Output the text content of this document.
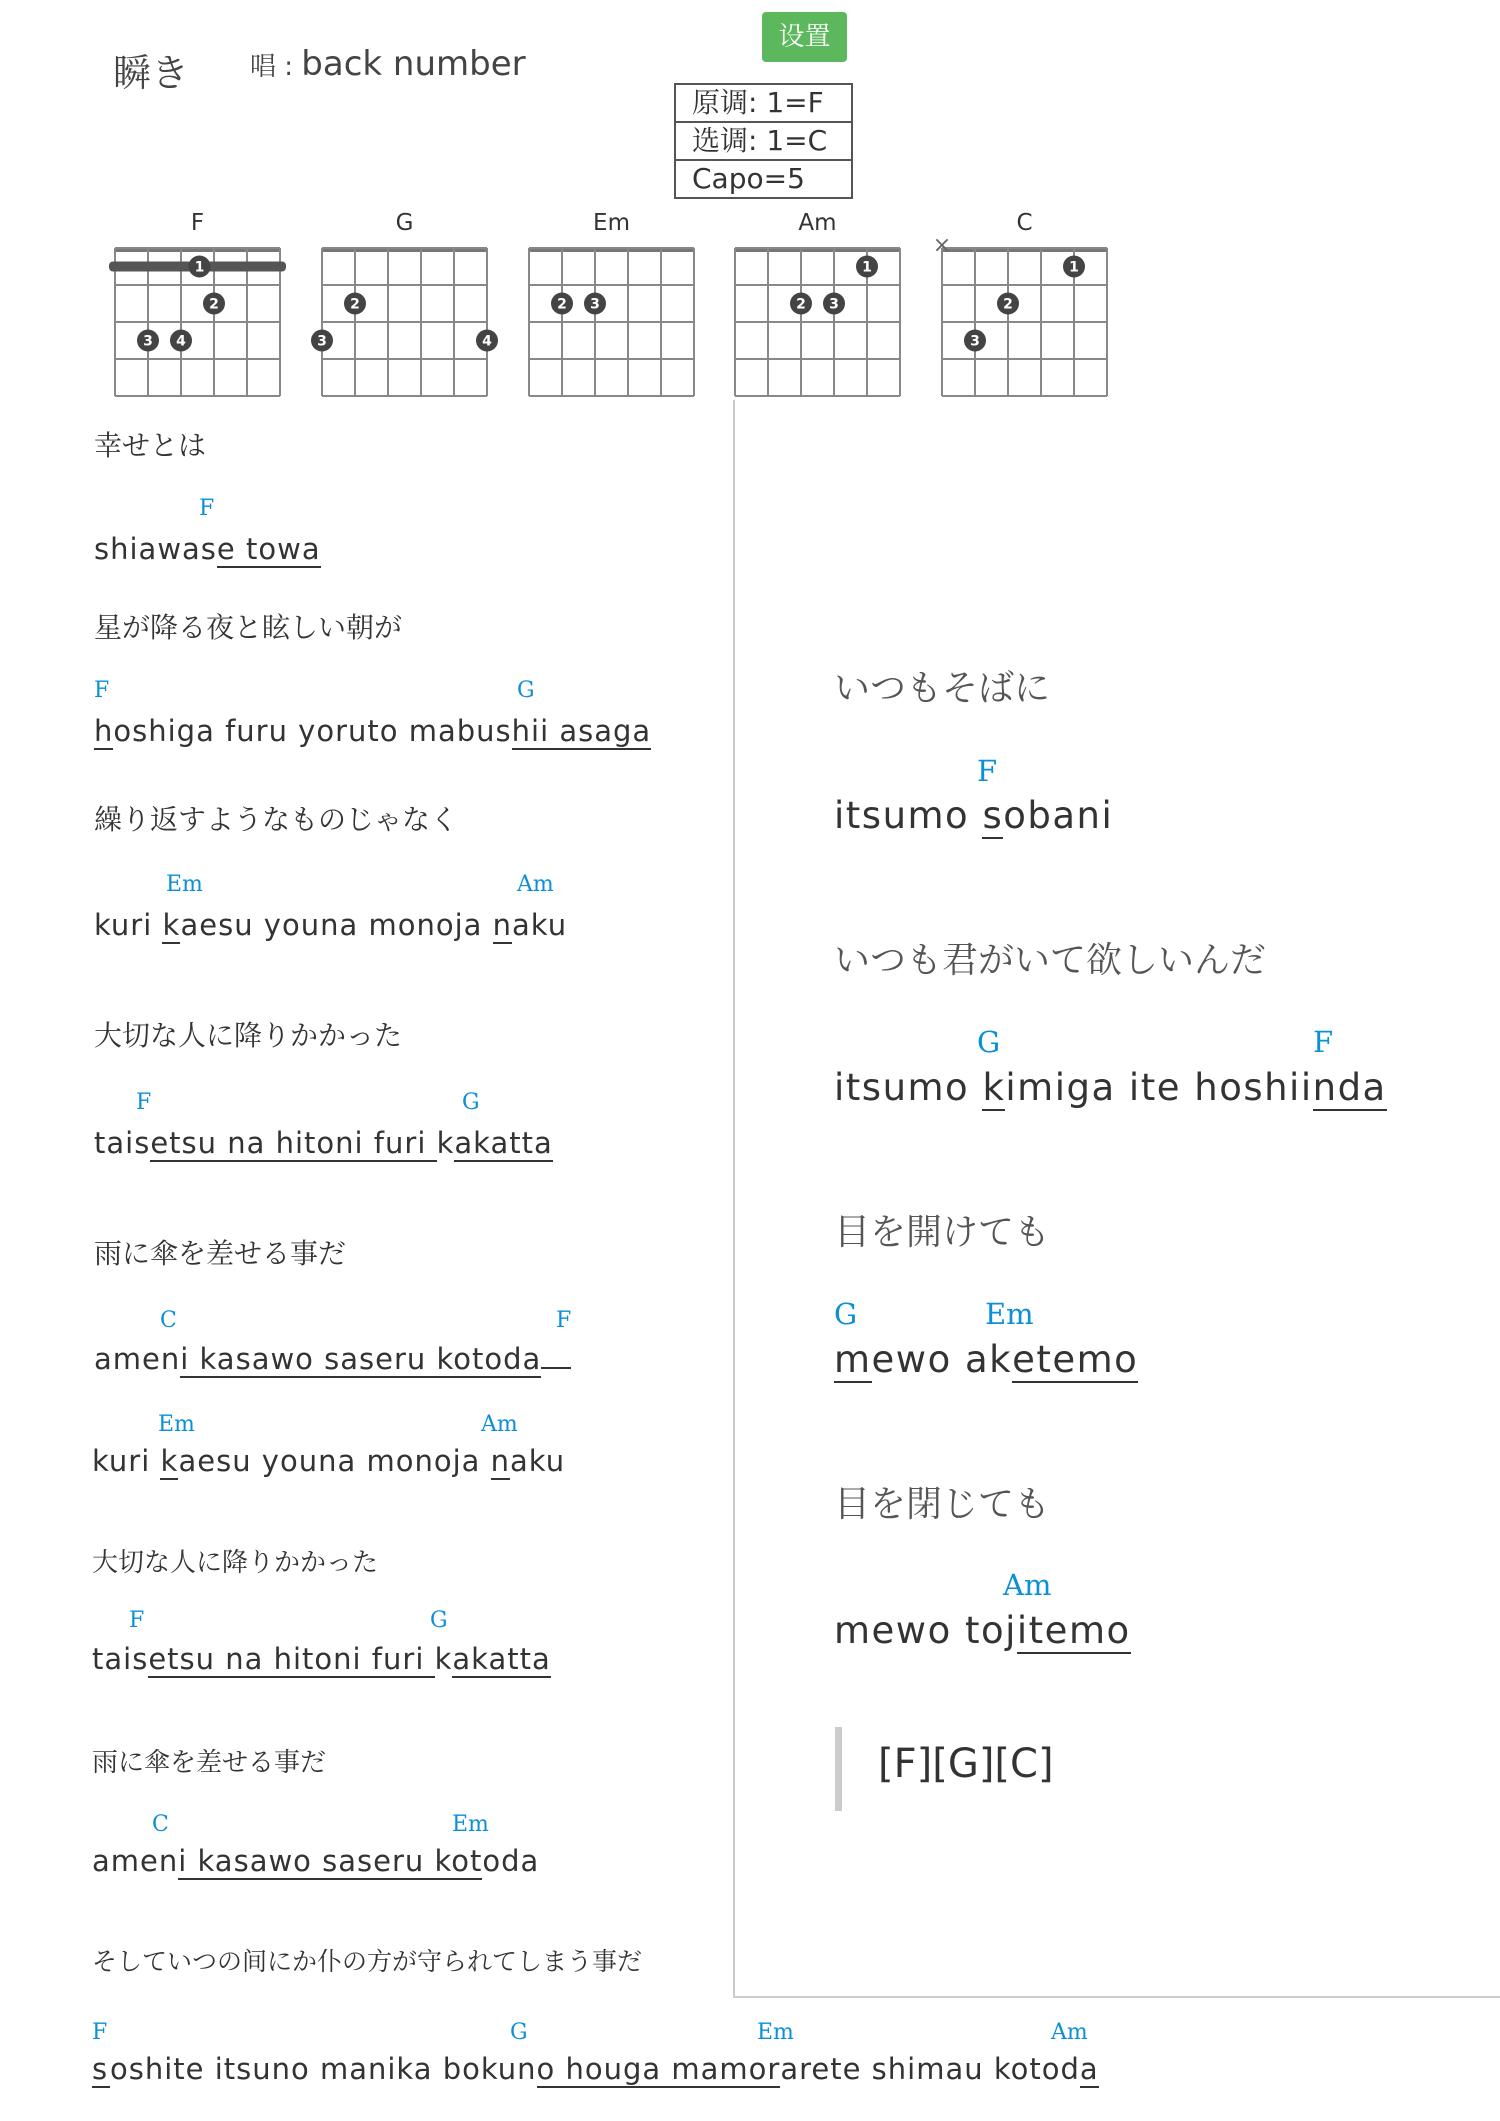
瞬き 唱 : back number
设置
原调: 1=F
选调: 1=C
Capo=5
F
1
2
3 4
G
2
3	4
Em
2 3
Am
1
2 3
C
×
1
2
3
幸せとは
F
shiawase towa
星が降る夜と眩しい朝が
F	G
hoshiga furu yoruto mabushii asaga
繰り返すようなものじゃなく
Em	Am
kuri kaesu youna monoja naku
大切な人に降りかかった
F	G
taisetsu na hitoni furi kakatta
雨に傘を差せる事だ
C	F
ameni kasawo saseru kotoda
Em	Am
kuri kaesu youna monoja naku
大切な人に降りかかった
F	G
taisetsu na hitoni furi kakatta
雨に傘を差せる事だ
C	Em
ameni kasawo saseru kotoda
そしていつの间にか仆の方が守られてしまう事だ
F	G	Em	Am
soshite itsuno manika bokuno houga mamorarete shimau kotoda
いつもそばに
F
itsumo sobani
いつも君がいて欲しいんだ
G	F
itsumo kimiga ite hoshiinda
目を開けても
G	Em
mewo aketemo
目を閉じても
Am
mewo tojitemo
[F][G][C]
